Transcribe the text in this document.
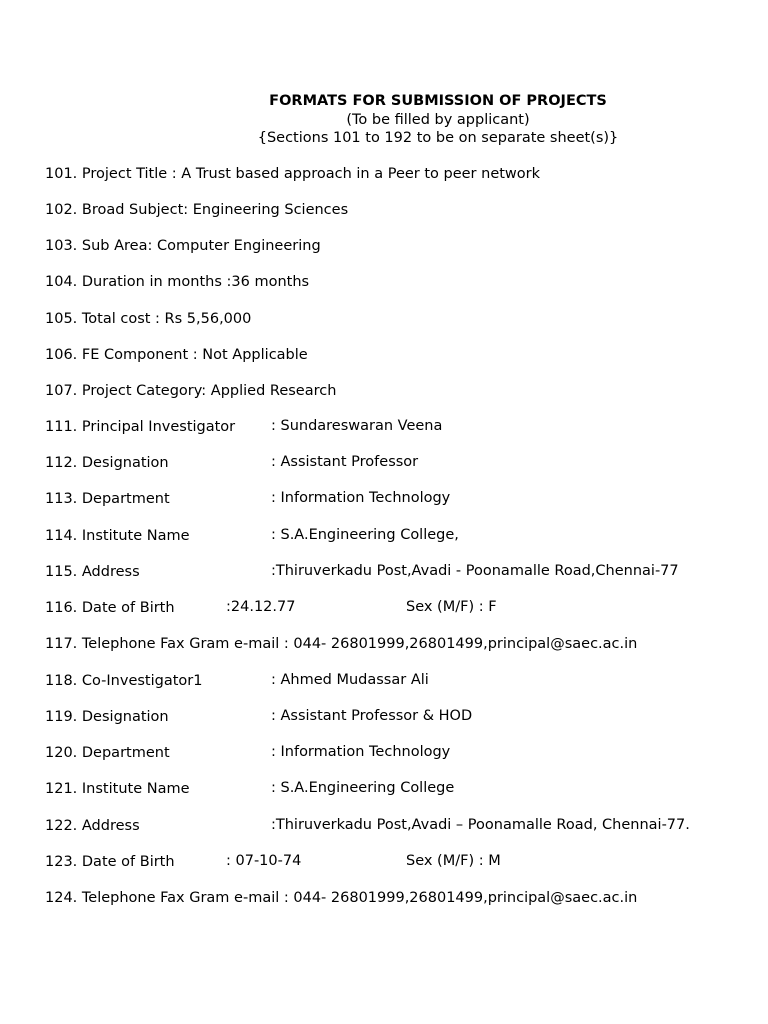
FORMATS FOR SUBMISSION OF PROJECTS
(To be filled by applicant)
{Sections 101 to 192 to be on separate sheet(s)}
101. Project Title : A Trust based approach in a Peer to peer network
102. Broad Subject: Engineering Sciences
103. Sub Area: Computer Engineering
104. Duration in months :36 months
105. Total cost : Rs 5,56,000
106. FE Component : Not Applicable
107. Project Category: Applied Research
111. Principal Investigator : Sundareswaran Veena
112. Designation	: Assistant Professor
113. Department	: Information Technology
114. Institute Name	: S.A.Engineering College,
115. Address	:Thiruverkadu Post,Avadi - Poonamalle Road,Chennai-77
116. Date of Birth	:24.12.77	Sex (M/F) : F
117. Telephone Fax Gram e-mail : 044- 26801999,26801499,principal@saec.ac.in
118. Co-Investigator1	: Ahmed Mudassar Ali
119. Designation	: Assistant Professor & HOD
120. Department	: Information Technology
121. Institute Name	: S.A.Engineering College
122. Address	:Thiruverkadu Post,Avadi – Poonamalle Road, Chennai-77.
123. Date of Birth	: 07-10-74	Sex (M/F) : M
124. Telephone Fax Gram e-mail : 044- 26801999,26801499,principal@saec.ac.in
